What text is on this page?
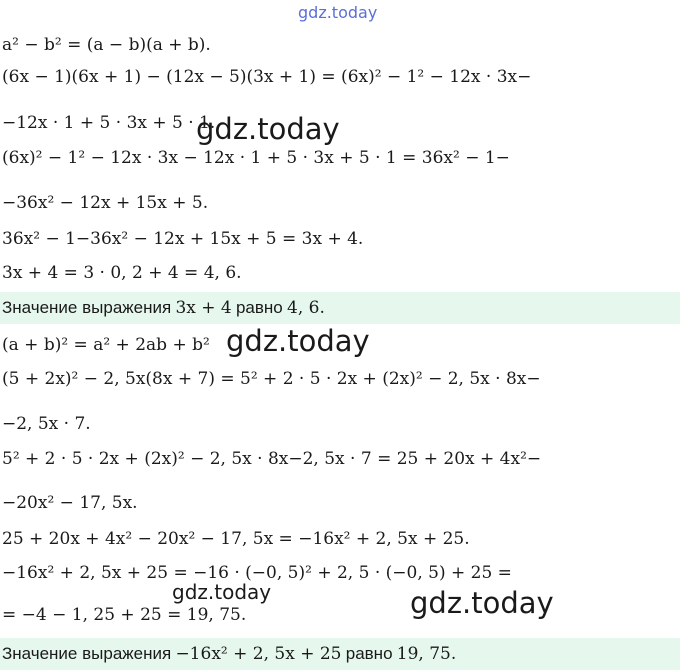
gdz.today
a² − b² = (a − b)(a + b).
(6x − 1)(6x + 1) − (12x − 5)(3x + 1) = (6x)² − 1² − 12x · 3x−
−12x · 1 + 5 · 3x + 5 · 1.
gdz.today
(6x)² − 1² − 12x · 3x − 12x · 1 + 5 · 3x + 5 · 1 = 36x² − 1−
−36x² − 12x + 15x + 5.
36x² − 1−36x² − 12x + 15x + 5 = 3x + 4.
3x + 4 = 3 · 0, 2 + 4 = 4, 6.
Значение выражения 3x + 4 равно 4, 6.
(a + b)² = a² + 2ab + b² gdz.today
(5 + 2x)² − 2, 5x(8x + 7) = 5² + 2 · 5 · 2x + (2x)² − 2, 5x · 8x−
−2, 5x · 7.
5² + 2 · 5 · 2x + (2x)² − 2, 5x · 8x−2, 5x · 7 = 25 + 20x + 4x²−
−20x² − 17, 5x.
25 + 20x + 4x² − 20x² − 17, 5x = −16x² + 2, 5x + 25.
−16x² + 2, 5x + 25 = −16 · (−0, 5)² + 2, 5 · (−0, 5) + 25 =
gdz.today	gdz.today
= −4 − 1, 25 + 25 = 19, 75.
Значение выражения −16x² + 2, 5x + 25 равно 19, 75.
